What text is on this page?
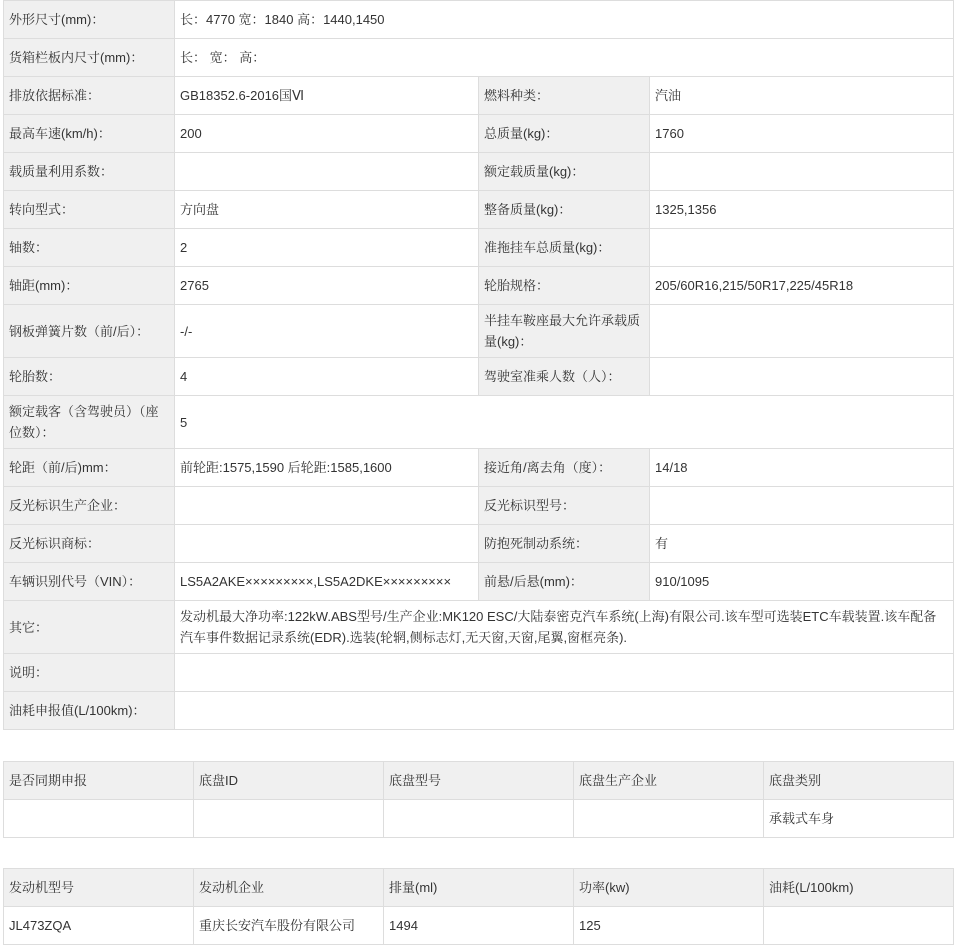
外形尺寸(mm)：	长：4770 宽：1840 高：1440,1450		
货箱栏板内尺寸(mm)：	长： 宽： 高：		
排放依据标准：	GB18352.6-2016国Ⅵ	燃料种类：	汽油
最高车速(km/h)：	200	总质量(kg)：	1760
载质量利用系数：		额定载质量(kg)：	
转向型式：	方向盘	整备质量(kg)：	1325,1356
轴数：	2	准拖挂车总质量(kg)：	
轴距(mm)：	2765	轮胎规格：	205/60R16,215/50R17,225/45R18
钢板弹簧片数（前/后）：	-/-	半挂车鞍座最大允许承载质量(kg)：	
轮胎数：	4	驾驶室准乘人数（人）：	
额定载客（含驾驶员）（座位数）：	5		
轮距（前/后)mm：	前轮距:1575,1590 后轮距:1585,1600	接近角/离去角（度）：	14/18
反光标识生产企业：		反光标识型号：	
反光标识商标：		防抱死制动系统：	有
车辆识别代号（VIN）：	LS5A2AKE×××××××××,LS5A2DKE×××××××××	前悬/后悬(mm)：	910/1095
其它：	发动机最大净功率:122kW.ABS型号/生产企业:MK120 ESC/大陆泰密克汽车系统(上海)有限公司.该车型可选装ETC车载装置.该车配备汽车事件数据记录系统(EDR).选装(轮辋,侧标志灯,无天窗,天窗,尾翼,窗框亮条).		
说明：			
油耗申报值(L/100km)：			
是否同期申报	底盘ID	底盘型号	底盘生产企业	底盘类别
				承载式车身
发动机型号	发动机企业	排量(ml)	功率(kw)	油耗(L/100km)
JL473ZQA	重庆长安汽车股份有限公司	1494	125	
